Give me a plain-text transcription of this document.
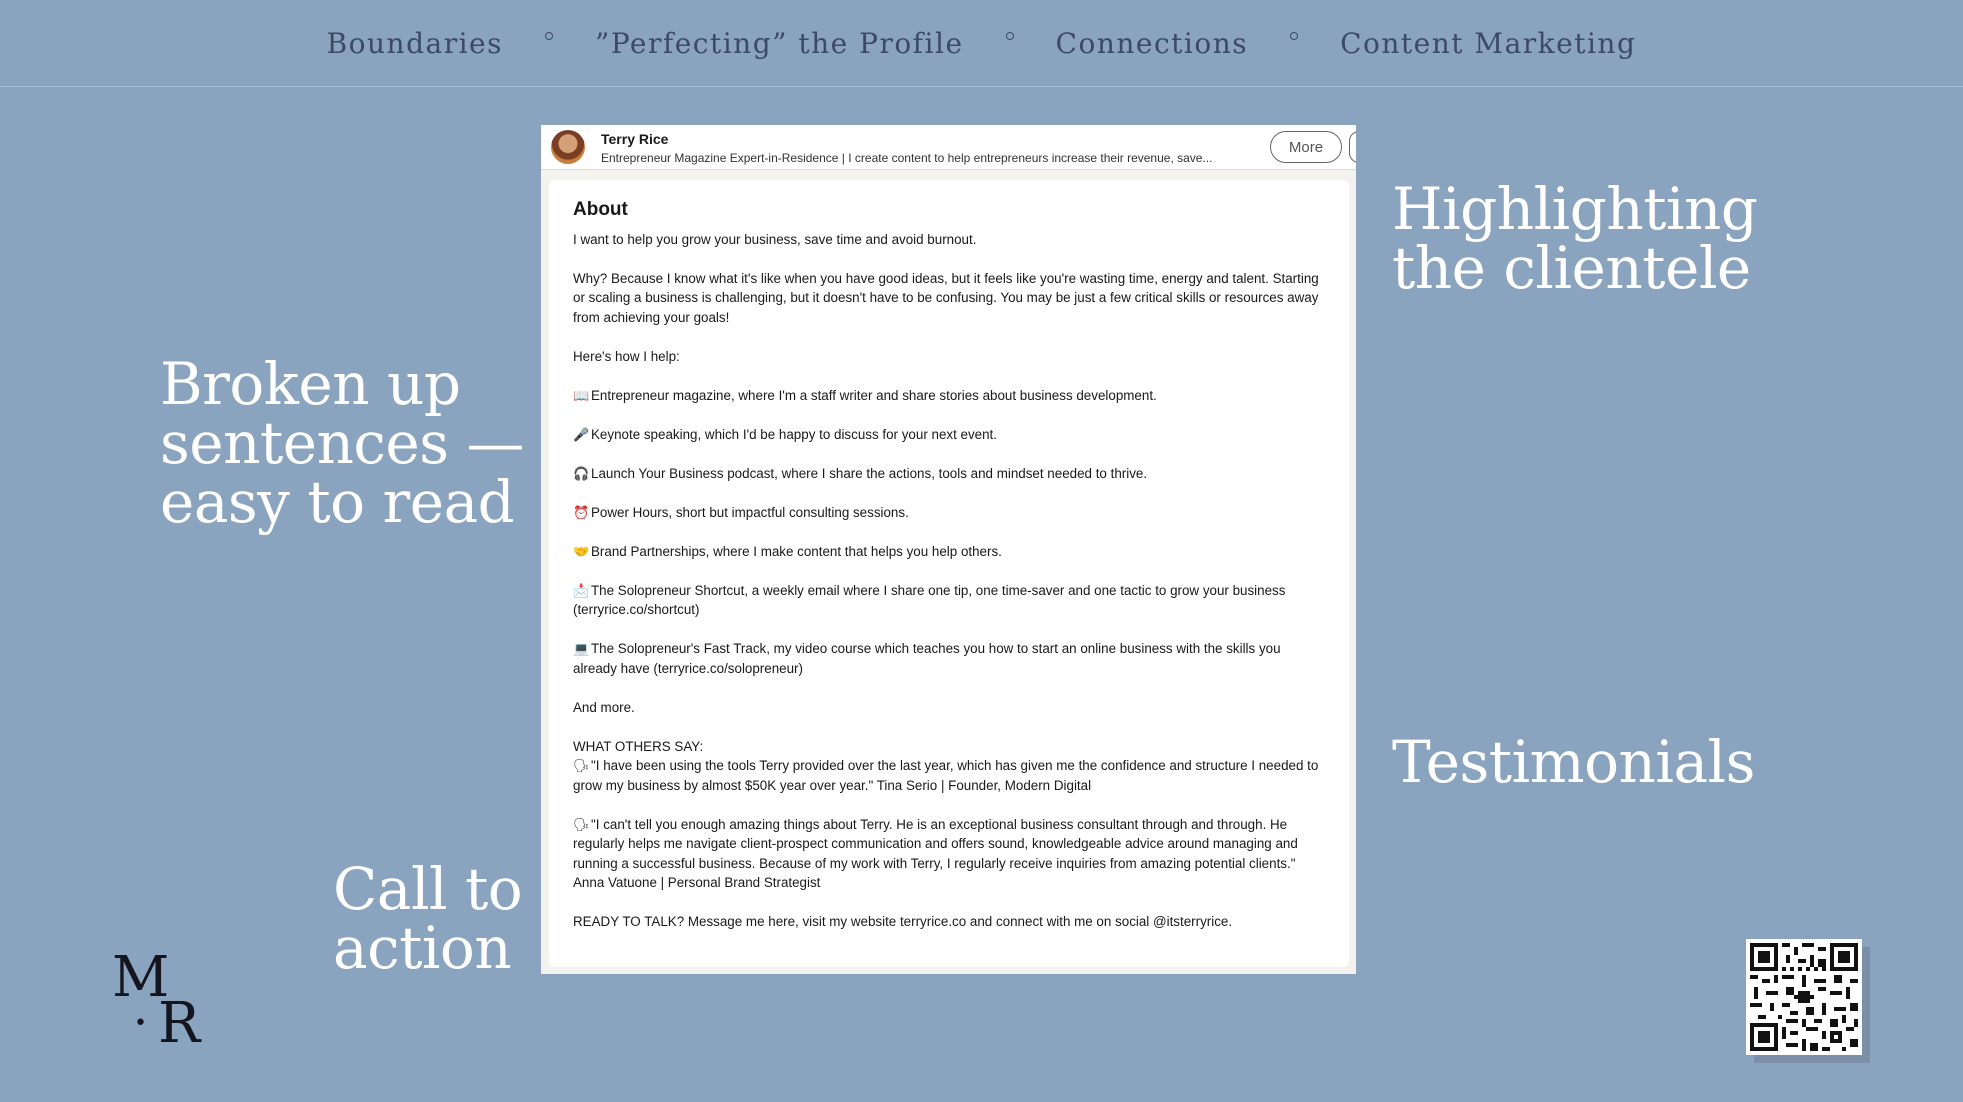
Boundaries	”Perfecting” the Profile	Connections	Content Marketing
Highlighting
the clientele
Broken up
sentences —
easy to read
Testimonials
Call to
action
Terry Rice
Entrepreneur Magazine Expert-in-Residence | I create content to help entrepreneurs increase their revenue, save...
More
About

I want to help you grow your business, save time and avoid burnout.

Why? Because I know what it's like when you have good ideas, but it feels like you're wasting time, energy and talent. Starting or scaling a business is challenging, but it doesn't have to be confusing. You may be just a few critical skills or resources away from achieving your goals!

Here's how I help:

📖 Entrepreneur magazine, where I'm a staff writer and share stories about business development.

🎤 Keynote speaking, which I'd be happy to discuss for your next event.

🎧 Launch Your Business podcast, where I share the actions, tools and mindset needed to thrive.

⏰ Power Hours, short but impactful consulting sessions.

🤝 Brand Partnerships, where I make content that helps you help others.

📩 The Solopreneur Shortcut, a weekly email where I share one tip, one time-saver and one tactic to grow your business (terryrice.co/shortcut)

💻 The Solopreneur's Fast Track, my video course which teaches you how to start an online business with the skills you already have (terryrice.co/solopreneur)

And more.

WHAT OTHERS SAY:

🗣"I have been using the tools Terry provided over the last year, which has given me the confidence and structure I needed to grow my business by almost $50K year over year." Tina Serio | Founder, Modern Digital

🗣"I can't tell you enough amazing things about Terry. He is an exceptional business consultant through and through. He regularly helps me navigate client-prospect communication and offers sound, knowledgeable advice around managing and running a successful business. Because of my work with Terry, I regularly receive inquiries from amazing potential clients." Anna Vatuone | Personal Brand Strategist

READY TO TALK? Message me here, visit my website terryrice.co and connect with me on social @itsterryrice.

M
• R
